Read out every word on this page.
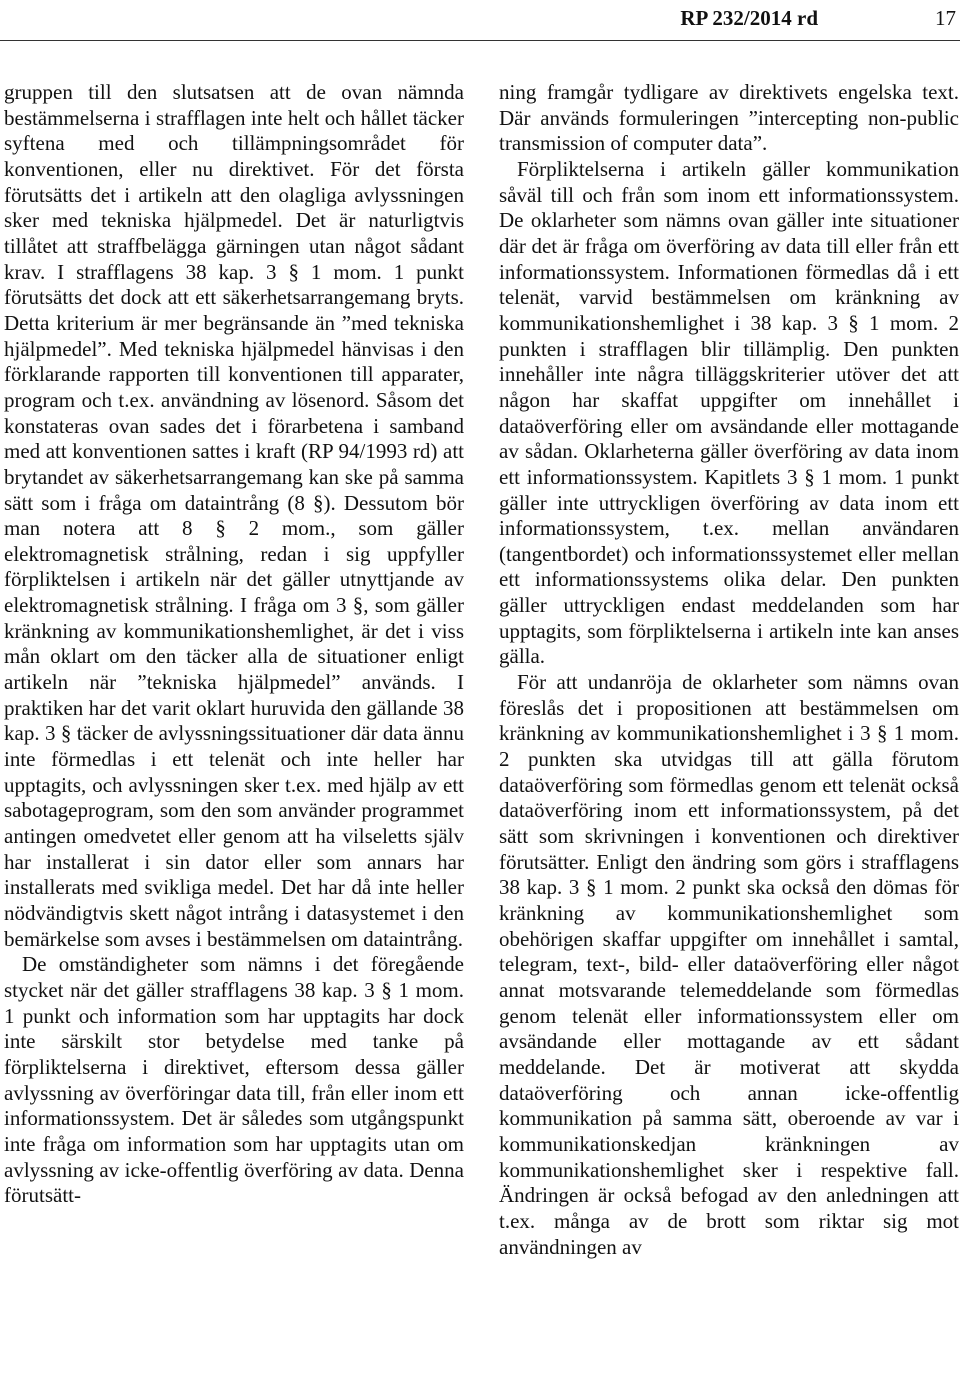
RP 232/2014 rd	17

gruppen till den slutsatsen att de ovan nämnda bestämmelserna i strafflagen inte helt och hållet täcker syftena med och tillämpningsområdet för konventionen, eller nu direktivet. För det första förutsätts det i artikeln att den olagliga avlyssningen sker med tekniska hjälpmedel. Det är naturligtvis tillåtet att straffbelägga gärningen utan något sådant krav. I strafflagens 38 kap. 3 § 1 mom. 1 punkt förutsätts det dock att ett säkerhetsarrangemang bryts. Detta kriterium är mer begränsande än ”med tekniska hjälpmedel”. Med tekniska hjälpmedel hänvisas i den förklarande rapporten till konventionen till apparater, program och t.ex. användning av lösenord. Såsom det konstateras ovan sades det i förarbetena i samband med att konventionen sattes i kraft (RP 94/1993 rd) att brytandet av säkerhetsarrangemang kan ske på samma sätt som i fråga om dataintrång (8 §). Dessutom bör man notera att 8 § 2 mom., som gäller elektromagnetisk strålning, redan i sig uppfyller förpliktelsen i artikeln när det gäller utnyttjande av elektromagnetisk strålning. I fråga om 3 §, som gäller kränkning av kommunikationshemlighet, är det i viss mån oklart om den täcker alla de situationer enligt artikeln när ”tekniska hjälpmedel” används. I praktiken har det varit oklart huruvida den gällande 38 kap. 3 § täcker de avlyssningssituationer där data ännu inte förmedlas i ett telenät och inte heller har upptagits, och avlyssningen sker t.ex. med hjälp av ett sabotageprogram, som den som använder programmet antingen omedvetet eller genom att ha vilseletts själv har installerat i sin dator eller som annars har installerats med svikliga medel. Det har då inte heller nödvändigtvis skett något intrång i datasystemet i den bemärkelse som avses i bestämmelsen om dataintrång.

De omständigheter som nämns i det föregående stycket när det gäller strafflagens 38 kap. 3 § 1 mom. 1 punkt och information som har upptagits har dock inte särskilt stor betydelse med tanke på förpliktelserna i direktivet, eftersom dessa gäller avlyssning av överföringar data till, från eller inom ett informationssystem. Det är således som utgångspunkt inte fråga om information som har upptagits utan om avlyssning av icke-offentlig överföring av data. Denna förutsätt-

ning framgår tydligare av direktivets engelska text. Där används formuleringen ”intercepting non-public transmission of computer data”.

Förpliktelserna i artikeln gäller kommunikation såväl till och från som inom ett informationssystem. De oklarheter som nämns ovan gäller inte situationer där det är fråga om överföring av data till eller från ett informationssystem. Informationen förmedlas då i ett telenät, varvid bestämmelsen om kränkning av kommunikationshemlighet i 38 kap. 3 § 1 mom. 2 punkten i strafflagen blir tillämplig. Den punkten innehåller inte några tilläggskriterier utöver det att någon har skaffat uppgifter om innehållet i dataöverföring eller om avsändande eller mottagande av sådan. Oklarheterna gäller överföring av data inom ett informationssystem. Kapitlets 3 § 1 mom. 1 punkt gäller inte uttryckligen överföring av data inom ett informationssystem, t.ex. mellan användaren (tangentbordet) och informationssystemet eller mellan ett informationssystems olika delar. Den punkten gäller uttryckligen endast meddelanden som har upptagits, som förpliktelserna i artikeln inte kan anses gälla.

För att undanröja de oklarheter som nämns ovan föreslås det i propositionen att bestämmelsen om kränkning av kommunikationshemlighet i 3 § 1 mom. 2 punkten ska utvidgas till att gälla förutom dataöverföring som förmedlas genom ett telenät också dataöverföring inom ett informationssystem, på det sätt som skrivningen i konventionen och direktiver förutsätter. Enligt den ändring som görs i strafflagens 38 kap. 3 § 1 mom. 2 punkt ska också den dömas för kränkning av kommunikationshemlighet som obehörigen skaffar uppgifter om innehållet i samtal, telegram, text-, bild- eller dataöverföring eller något annat motsvarande telemeddelande som förmedlas genom telenät eller informationssystem eller om avsändande eller mottagande av ett sådant meddelande. Det är motiverat att skydda dataöverföring och annan icke-offentlig kommunikation på samma sätt, oberoende av var i kommunikationskedjan kränkningen av kommunikationshemlighet sker i respektive fall. Ändringen är också befogad av den anledningen att t.ex. många av de brott som riktar sig mot användningen av
